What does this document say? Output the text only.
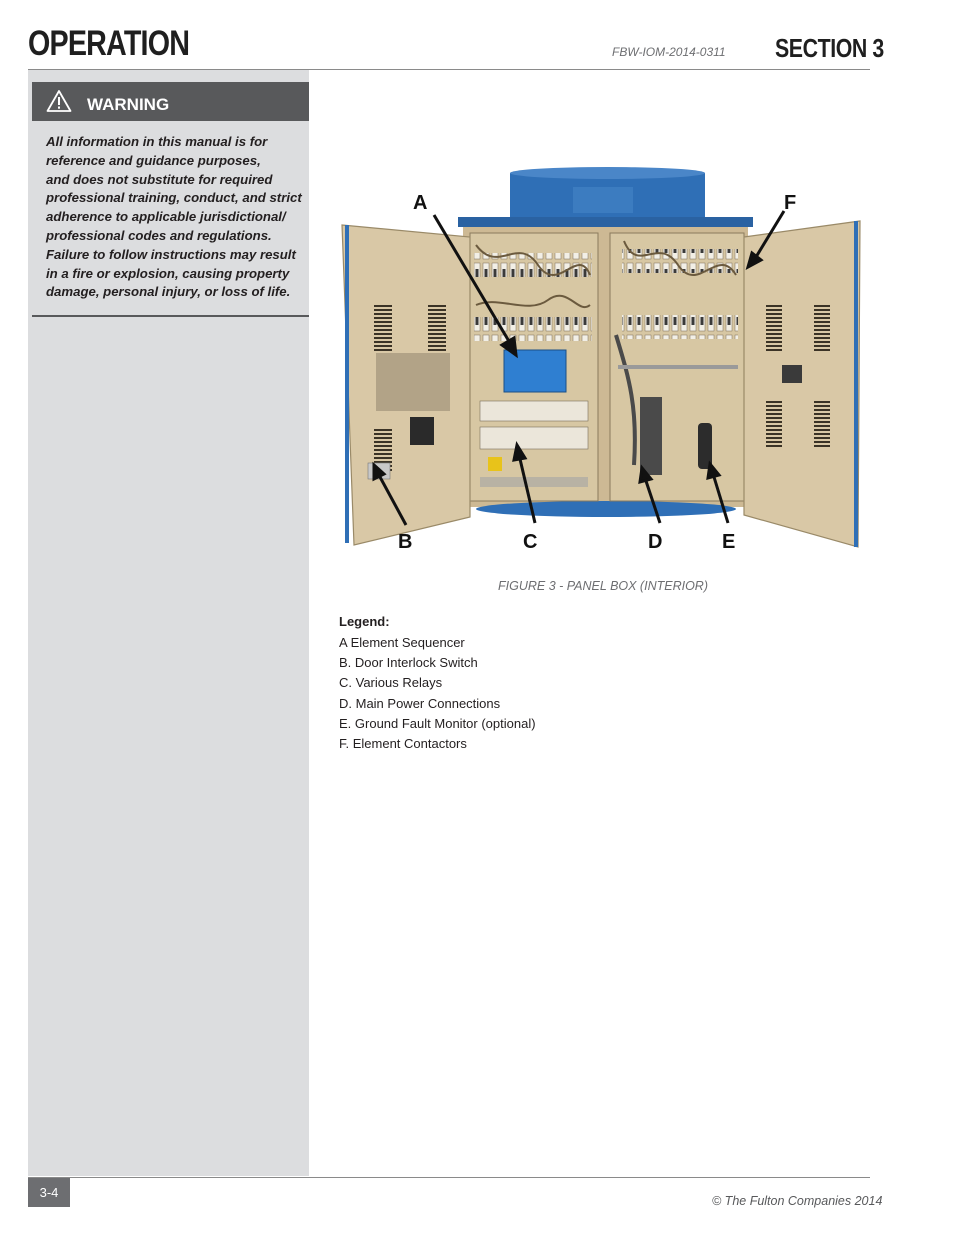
OPERATION	FBW-IOM-2014-0311 SECTION 3
WARNING
All information in this manual is for
reference and guidance purposes,
and does not substitute for required
professional training, conduct, and strict
adherence to applicable jurisdictional/
professional codes and regulations.
Failure to follow instructions may result
in a fire or explosion, causing property
damage, personal injury, or loss of life.
A
B	C	D	E
F
FIGURE 3 - PANEL BOX (INTERIOR)
Legend:
A Element Sequencer
B. Door Interlock Switch
C. Various Relays
D. Main Power Connections
E. Ground Fault Monitor (optional)
F. Element Contactors
3-4
© The Fulton Companies 2014
